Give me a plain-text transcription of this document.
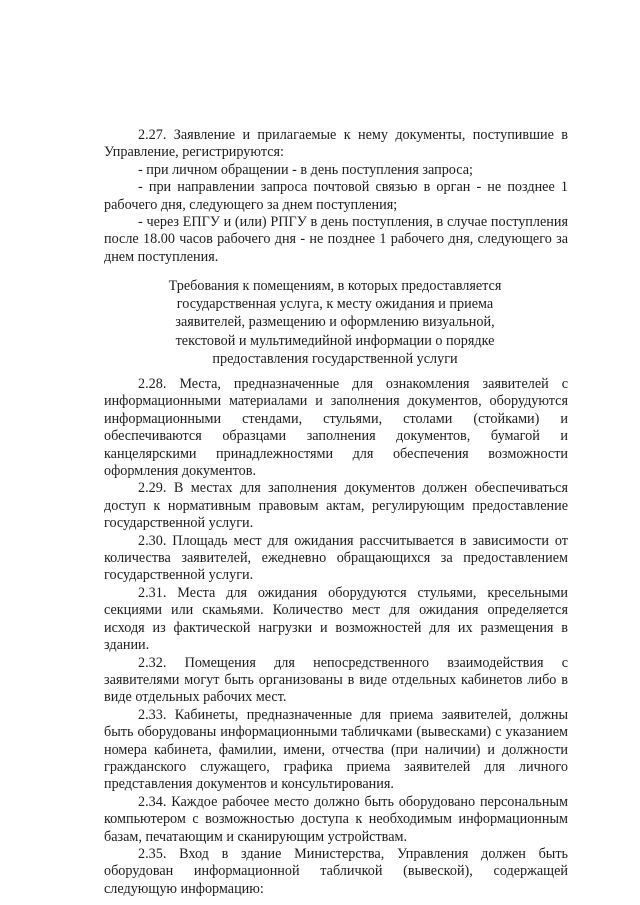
2.27. Заявление и прилагаемые к нему документы, поступившие в Управление, регистрируются:

- при личном обращении - в день поступления запроса;

- при направлении запроса почтовой связью в орган - не позднее 1 рабочего дня, следующего за днем поступления;

- через ЕПГУ и (или) РПГУ в день поступления, в случае поступления после 18.00 часов рабочего дня - не позднее 1 рабочего дня, следующего за днем поступления.

Требования к помещениям, в которых предоставляется
государственная услуга, к месту ожидания и приема
заявителей, размещению и оформлению визуальной,
текстовой и мультимедийной информации о порядке
предоставления государственной услуги

2.28. Места, предназначенные для ознакомления заявителей с информационными материалами и заполнения документов, оборудуются информационными стендами, стульями, столами (стойками) и обеспечиваются образцами заполнения документов, бумагой и канцелярскими принадлежностями для обеспечения возможности оформления документов.

2.29. В местах для заполнения документов должен обеспечиваться доступ к нормативным правовым актам, регулирующим предоставление государственной услуги.

2.30. Площадь мест для ожидания рассчитывается в зависимости от количества заявителей, ежедневно обращающихся за предоставлением государственной услуги.

2.31. Места для ожидания оборудуются стульями, кресельными секциями или скамьями. Количество мест для ожидания определяется исходя из фактической нагрузки и возможностей для их размещения в здании.

2.32. Помещения для непосредственного взаимодействия с заявителями могут быть организованы в виде отдельных кабинетов либо в виде отдельных рабочих мест.

2.33. Кабинеты, предназначенные для приема заявителей, должны быть оборудованы информационными табличками (вывесками) с указанием номера кабинета, фамилии, имени, отчества (при наличии) и должности гражданского служащего, графика приема заявителей для личного представления документов и консультирования.

2.34. Каждое рабочее место должно быть оборудовано персональным компьютером с возможностью доступа к необходимым информационным базам, печатающим и сканирующим устройствам.

2.35. Вход в здание Министерства, Управления должен быть оборудован информационной табличкой (вывеской), содержащей следующую информацию:
